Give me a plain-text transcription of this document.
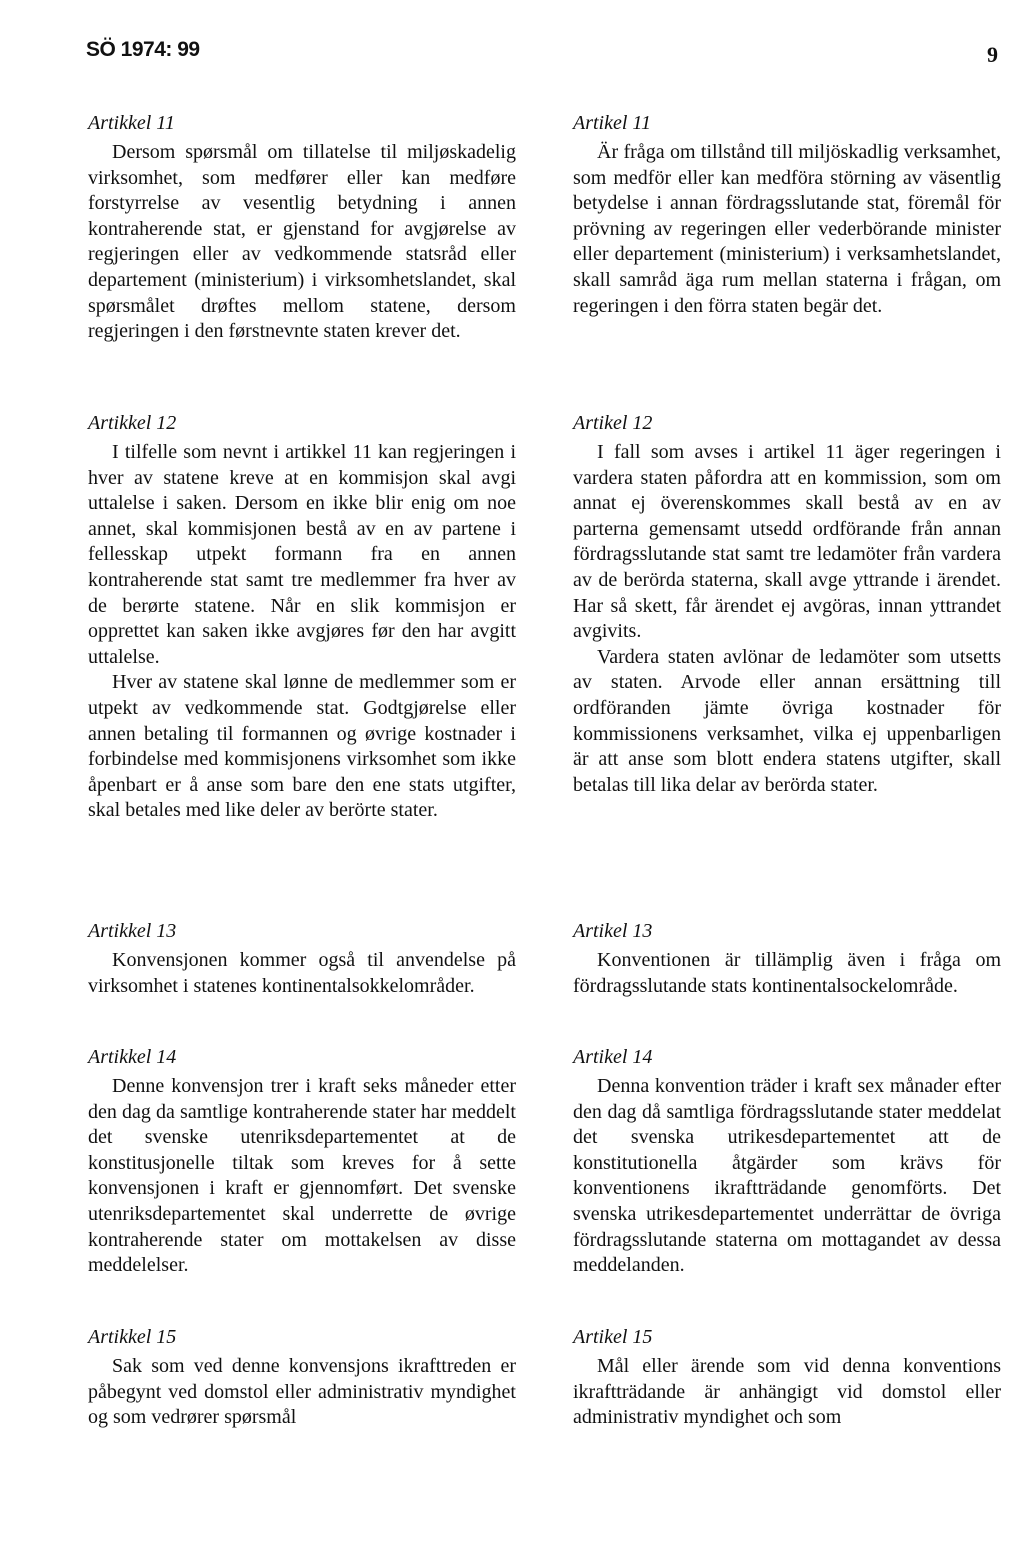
SÖ 1974: 99	9
Artikkel 11

Dersom spørsmål om tillatelse til miljøskadelig virksomhet, som medfører eller kan medføre forstyrrelse av vesentlig betydning i annen kontraherende stat, er gjenstand for avgjørelse av regjeringen eller av vedkommende statsråd eller departement (ministerium) i virksomhetslandet, skal spørsmålet drøftes mellom statene, dersom regjeringen i den førstnevnte staten krever det.

Artikkel 12

I tilfelle som nevnt i artikkel 11 kan regjeringen i hver av statene kreve at en kommisjon skal avgi uttalelse i saken. Dersom en ikke blir enig om noe annet, skal kommisjonen bestå av en av partene i fellesskap utpekt formann fra en annen kontraherende stat samt tre medlemmer fra hver av de berørte statene. Når en slik kommisjon er opprettet kan saken ikke avgjøres før den har avgitt uttalelse.

Hver av statene skal lønne de medlemmer som er utpekt av vedkommende stat. Godtgjørelse eller annen betaling til formannen og øvrige kostnader i forbindelse med kommisjonens virksomhet som ikke åpenbart er å anse som bare den ene stats utgifter, skal betales med like deler av berörte stater.

Artikkel 13

Konvensjonen kommer også til anvendelse på virksomhet i statenes kontinentalsokkelområder.

Artikkel 14

Denne konvensjon trer i kraft seks måneder etter den dag da samtlige kontraherende stater har meddelt det svenske utenriksdepartementet at de konstitusjonelle tiltak som kreves for å sette konvensjonen i kraft er gjennomført. Det svenske utenriksdepartementet skal underrette de øvrige kontraherende stater om mottakelsen av disse meddelelser.

Artikkel 15

Sak som ved denne konvensjons ikrafttreden er påbegynt ved domstol eller administrativ myndighet og som vedrører spørsmål

Artikel 11

Är fråga om tillstånd till miljöskadlig verksamhet, som medför eller kan medföra störning av väsentlig betydelse i annan fördragsslutande stat, föremål för prövning av regeringen eller vederbörande minister eller departement (ministerium) i verksamhetslandet, skall samråd äga rum mellan staterna i frågan, om regeringen i den förra staten begär det.

Artikel 12

I fall som avses i artikel 11 äger regeringen i vardera staten påfordra att en kommission, som om annat ej överenskommes skall bestå av en av parterna gemensamt utsedd ordförande från annan fördragsslutande stat samt tre ledamöter från vardera av de berörda staterna, skall avge yttrande i ärendet. Har så skett, får ärendet ej avgöras, innan yttrandet avgivits.

Vardera staten avlönar de ledamöter som utsetts av staten. Arvode eller annan ersättning till ordföranden jämte övriga kostnader för kommissionens verksamhet, vilka ej uppenbarligen är att anse som blott endera statens utgifter, skall betalas till lika delar av berörda stater.

Artikel 13

Konventionen är tillämplig även i fråga om fördragsslutande stats kontinentalsockelområde.

Artikel 14

Denna konvention träder i kraft sex månader efter den dag då samtliga fördragsslutande stater meddelat det svenska utrikesdepartementet att de konstitutionella åtgärder som krävs för konventionens ikraftträdande genomförts. Det svenska utrikesdepartementet underrättar de övriga fördragsslutande staterna om mottagandet av dessa meddelanden.

Artikel 15

Mål eller ärende som vid denna konventions ikraftträdande är anhängigt vid domstol eller administrativ myndighet och som
